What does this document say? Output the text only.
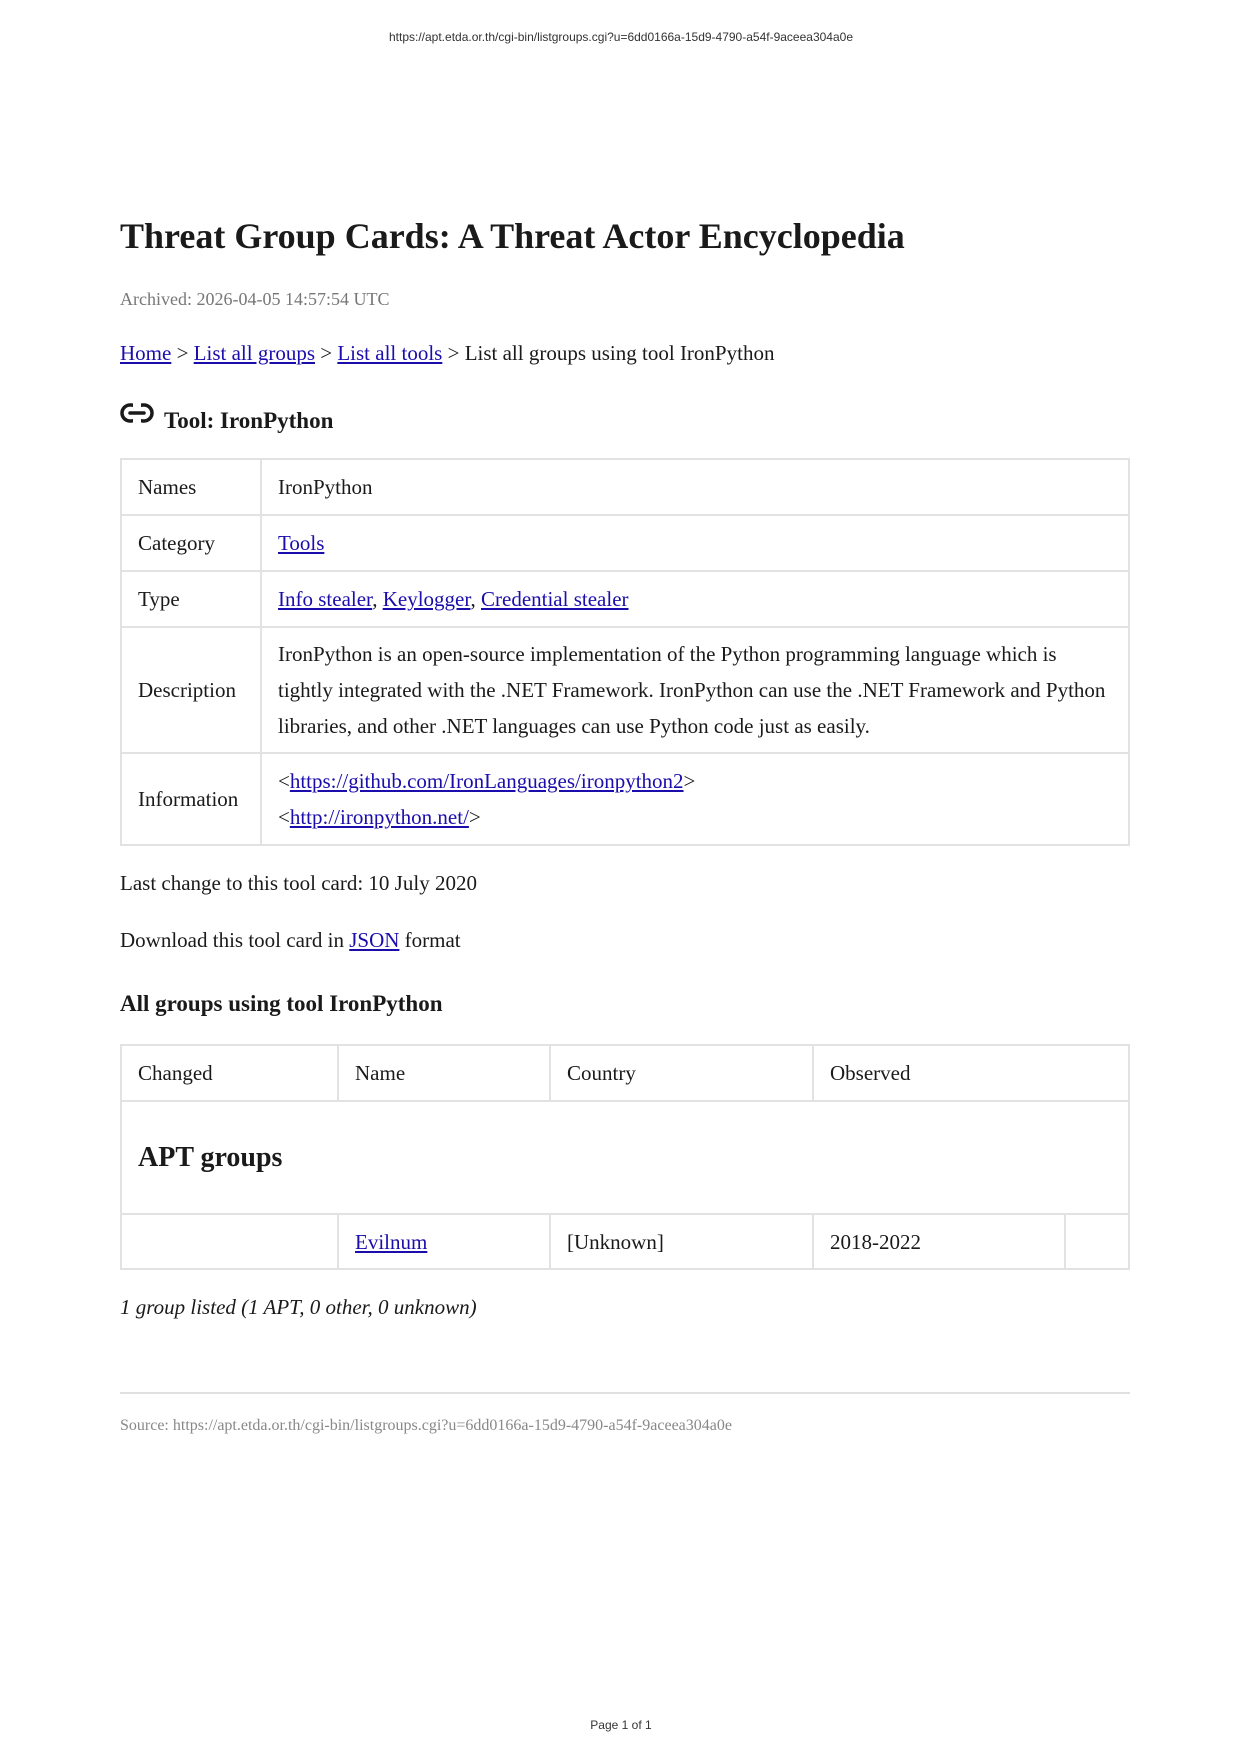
https://apt.etda.or.th/cgi-bin/listgroups.cgi?u=6dd0166a-15d9-4790-a54f-9aceea304a0e
Threat Group Cards: A Threat Actor Encyclopedia
Archived: 2026-04-05 14:57:54 UTC
Home > List all groups > List all tools > List all groups using tool IronPython
Tool: IronPython
Names	IronPython
Category	Tools
Type	Info stealer, Keylogger, Credential stealer
Description	IronPython is an open-source implementation of the Python programming language which is tightly integrated with the .NET Framework. IronPython can use the .NET Framework and Python libraries, and other .NET languages can use Python code just as easily.
Information	<https://github.com/IronLanguages/ironpython2>
<http://ironpython.net/>
Last change to this tool card: 10 July 2020
Download this tool card in JSON format
All groups using tool IronPython
Changed	Name	Country	Observed	
APT groups				
	Evilnum	[Unknown]	2018-2022	
1 group listed (1 APT, 0 other, 0 unknown)
Source: https://apt.etda.or.th/cgi-bin/listgroups.cgi?u=6dd0166a-15d9-4790-a54f-9aceea304a0e
Page 1 of 1
